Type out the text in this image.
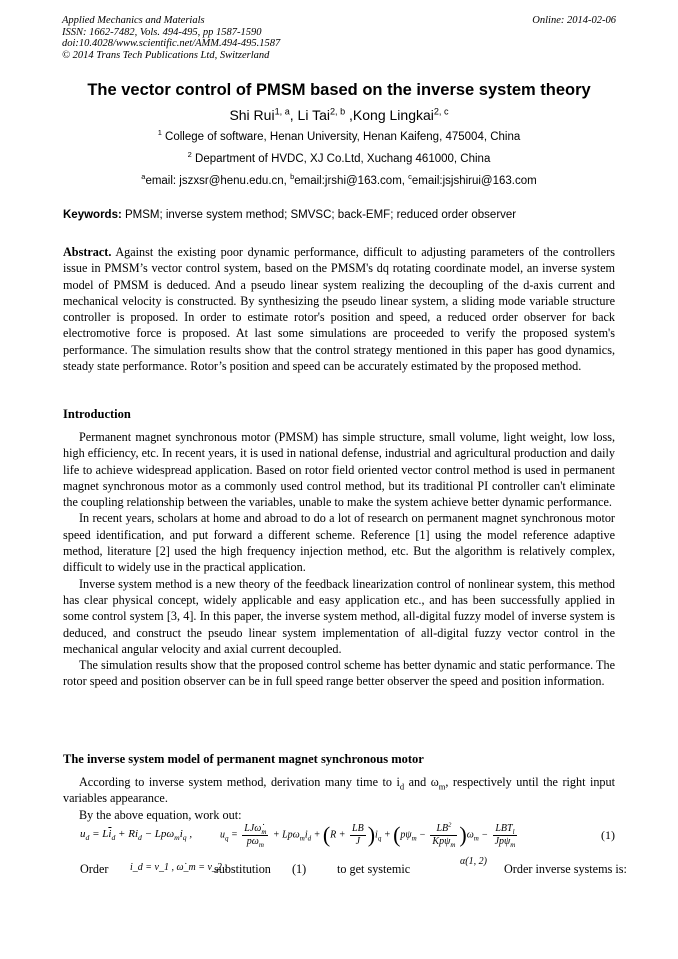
Applied Mechanics and Materials
ISSN: 1662-7482, Vols. 494-495, pp 1587-1590
doi:10.4028/www.scientific.net/AMM.494-495.1587
© 2014 Trans Tech Publications Ltd, Switzerland
Online: 2014-02-06
The vector control of PMSM based on the inverse system theory
Shi Rui$^{1, a}$, Li Tai$^{2, b}$ ,Kong Lingkai$^{2, c}$
$^1$ College of software, Henan University, Henan Kaifeng, 475004, China
$^2$ Department of HVDC, XJ Co.Ltd, Xuchang 461000, China
$^a$email: jszxsr@henu.edu.cn, $^b$email:jrshi@163.com, $^c$email:jsjshirui@163.com
Keywords: PMSM; inverse system method; SMVSC; back-EMF; reduced order observer

Abstract. Against the existing poor dynamic performance, difficult to adjusting parameters of the controllers issue in PMSM’s vector control system, based on the PMSM's dq rotating coordinate model, an inverse system model of PMSM is deduced. And a pseudo linear system realizing the decoupling of the d-axis current and mechanical velocity is constructed. By synthesizing the pseudo linear system, a sliding mode variable structure controller is proposed. In order to estimate rotor's position and speed, a reduced order observer for back electromotive force is proposed. At last some simulations are proceeded to verify the proposed system's performance. The simulation results show that the control strategy mentioned in this paper has good dynamics, steady state performance. Rotor’s position and speed can be accurately estimated by the proposed method.

Introduction

Permanent magnet synchronous motor (PMSM) has simple structure, small volume, light weight, low loss, high efficiency, etc. In recent years, it is used in national defense, industrial and agricultural production and daily life to achieve widespread application. Based on rotor field oriented vector control method is used in permanent magnet synchronous motor as a commonly used control method, but its traditional PI controller can't eliminate the coupling relationship between the variables, unable to make the system achieve better dynamic performance.

In recent years, scholars at home and abroad to do a lot of research on permanent magnet synchronous motor speed identification, and put forward a different scheme. Reference [1] using the model reference adaptive method, literature [2] used the high frequency injection method, etc. But the algorithm is relatively complex, difficult to widely use in the practical application.

Inverse system method is a new theory of the feedback linearization control of nonlinear system, this method has clear physical concept, widely applicable and easy application etc., and has been successfully applied in some control system [3, 4]. In this paper, the inverse system method, all-digital fuzzy model of inverse system is deduced, and construct the pseudo linear system implementation of all-digital fuzzy vector control in the mechanical angular velocity and axial current decoupled.

The simulation results show that the proposed control scheme has better dynamic and static performance. The rotor speed and position observer can be in full speed range better observer the speed and position information.

The inverse system model of permanent magnet synchronous motor

According to inverse system method, derivation many time to $i_d$ and $\omega_m$, respectively until the right input variables appearance.

By the above equation, work out:

$u_d = L\overline{i}_d + Ri_d - Lp\omega_mi_q$ ,	$u_q = \frac{LJ\omegȧ_m}{p\omega_m} + Lp\omega_mi_d + (R + \frac{LB}{J} )i_q + (p\psi_m - \frac{LB^2}{Kp\psi_m} )\omega_m - \frac{LBT_l}{Jp\psi_m}$	(1)
Order i_d = v_1 , ω̇_m = v_2 ,
substitution (1)	to get systemic
α(1, 2)
Order inverse systems is:
